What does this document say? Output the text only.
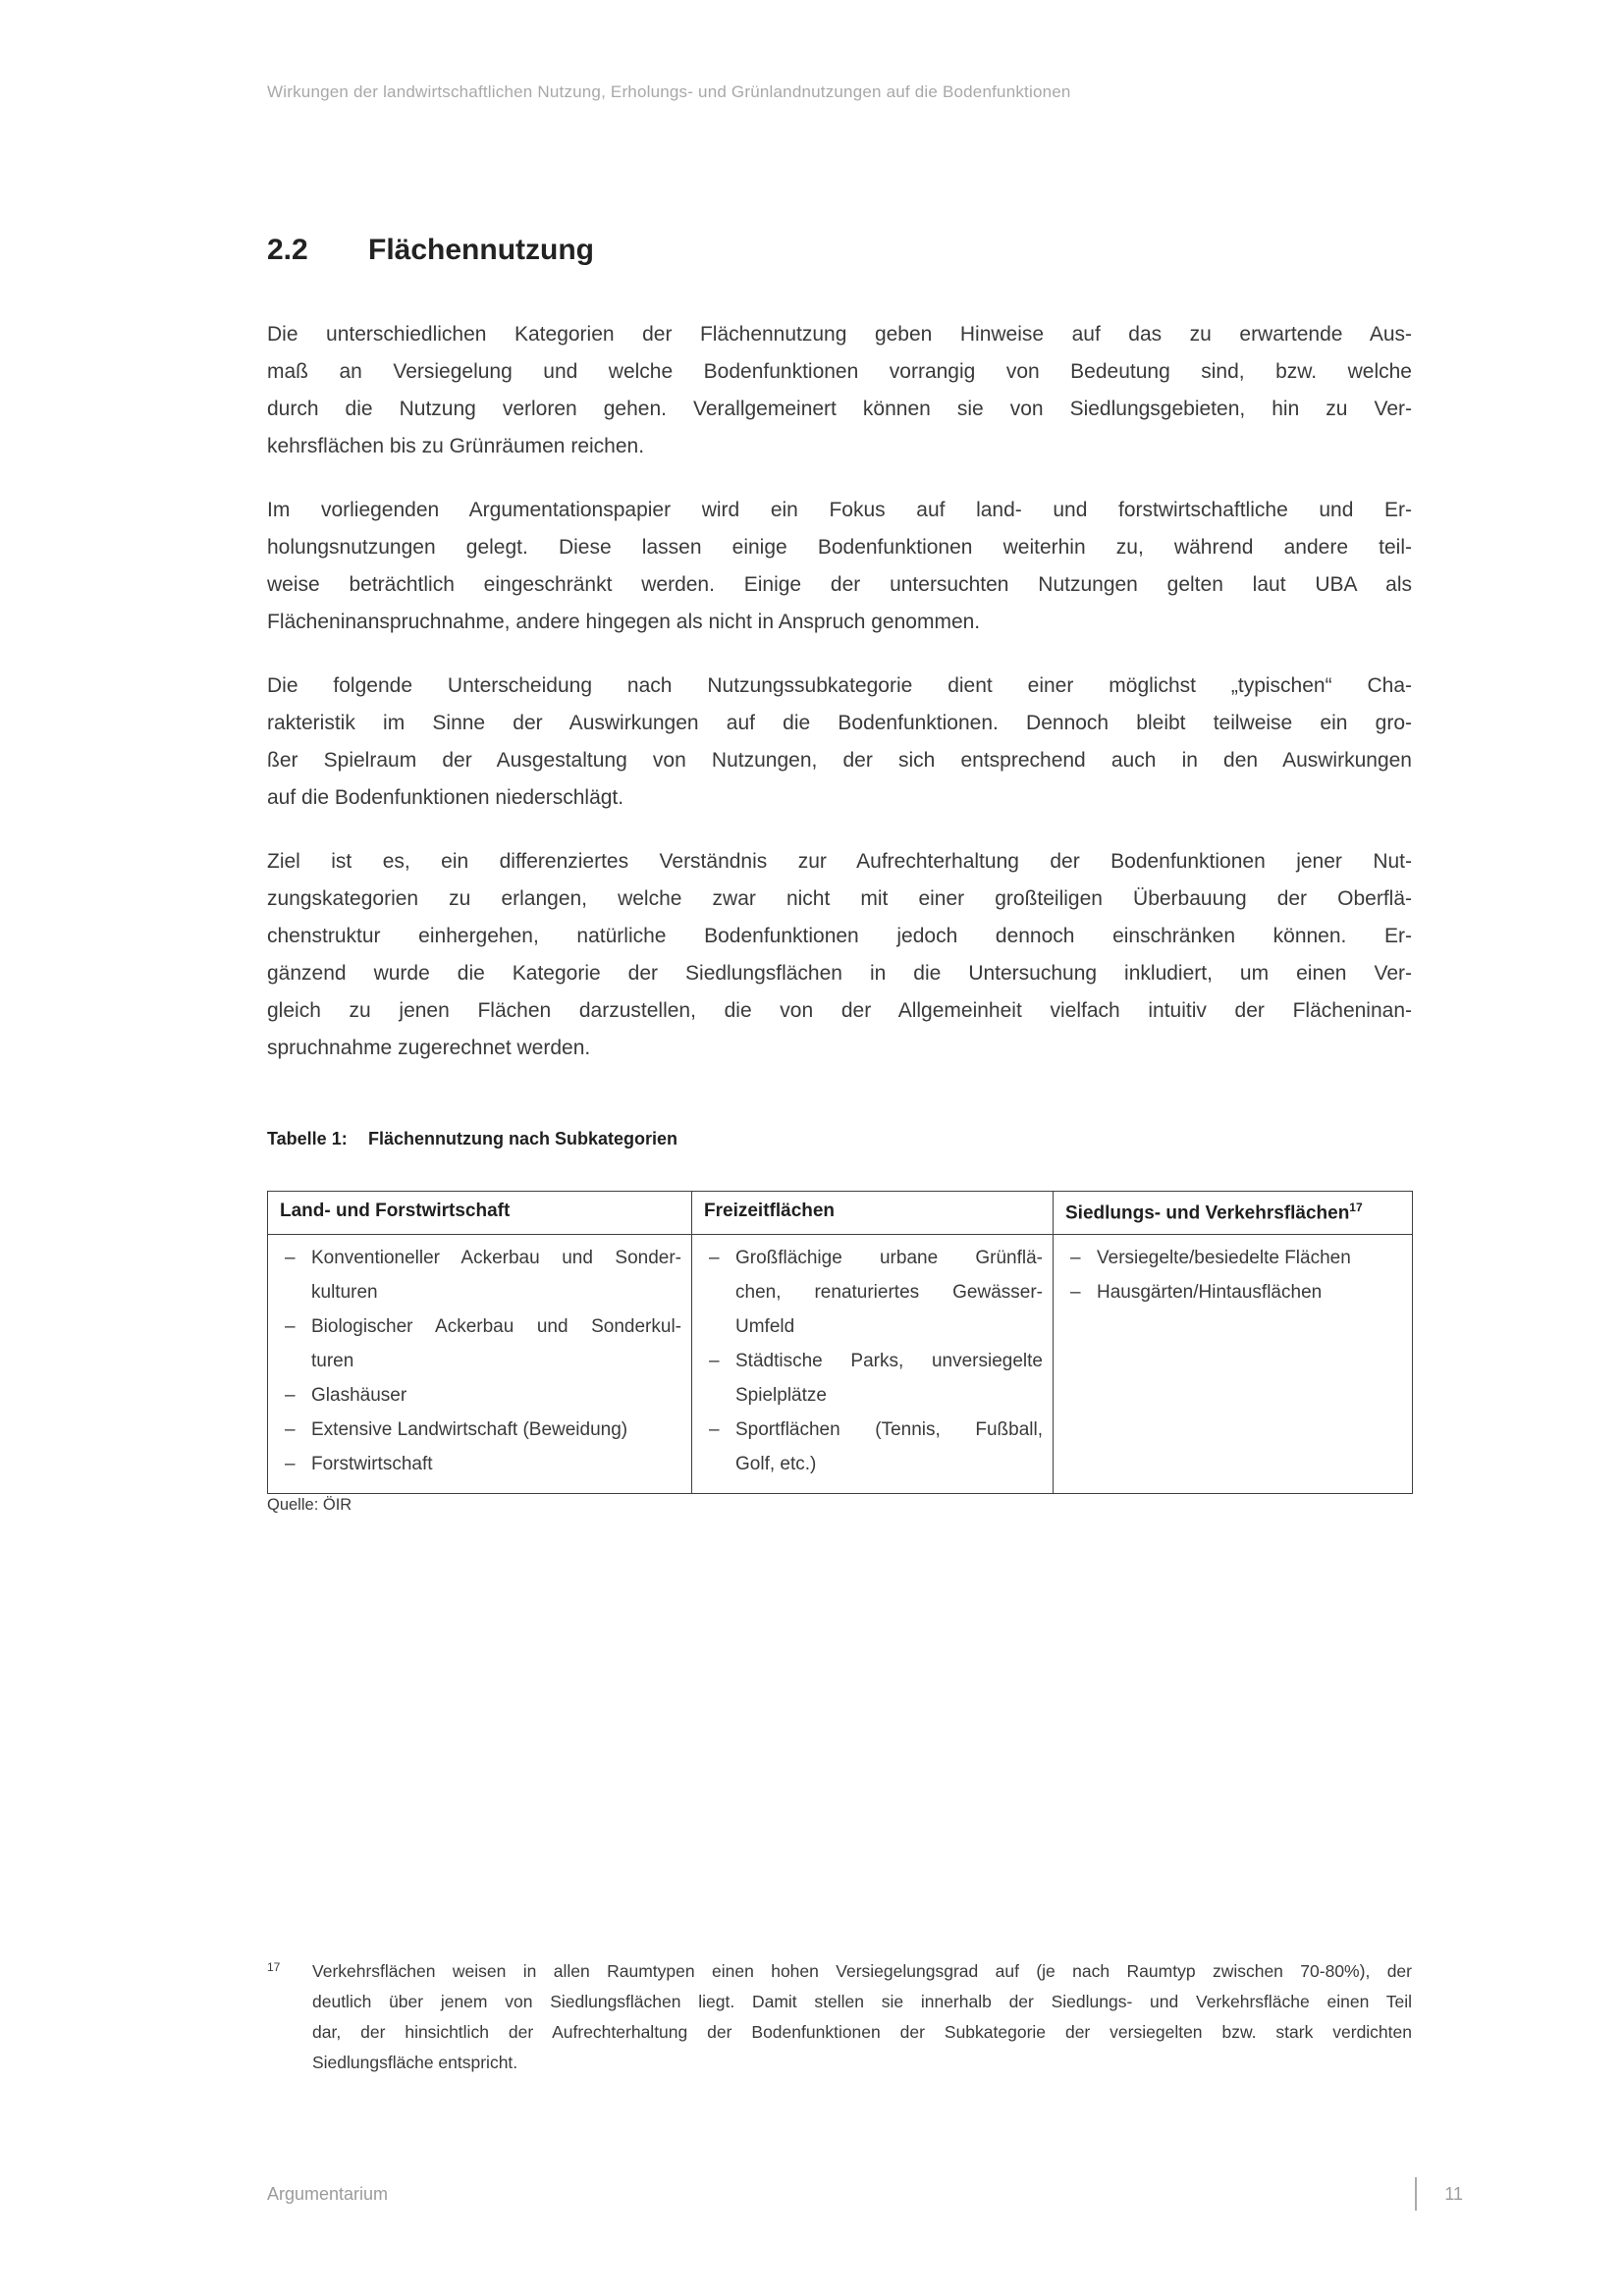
Wirkungen der landwirtschaftlichen Nutzung, Erholungs- und Grünlandnutzungen auf die Bodenfunktionen
2.2	Flächennutzung
Die unterschiedlichen Kategorien der Flächennutzung geben Hinweise auf das zu erwartende Aus-
maß an Versiegelung und welche Bodenfunktionen vorrangig von Bedeutung sind, bzw. welche
durch die Nutzung verloren gehen. Verallgemeinert können sie von Siedlungsgebieten, hin zu Ver-
kehrsflächen bis zu Grünräumen reichen.
Im vorliegenden Argumentationspapier wird ein Fokus auf land- und forstwirtschaftliche und Er-
holungsnutzungen gelegt. Diese lassen einige Bodenfunktionen weiterhin zu, während andere teil-
weise beträchtlich eingeschränkt werden. Einige der untersuchten Nutzungen gelten laut UBA als
Flächeninanspruchnahme, andere hingegen als nicht in Anspruch genommen.
Die folgende Unterscheidung nach Nutzungssubkategorie dient einer möglichst „typischen“ Cha-
rakteristik im Sinne der Auswirkungen auf die Bodenfunktionen. Dennoch bleibt teilweise ein gro-
ßer Spielraum der Ausgestaltung von Nutzungen, der sich entsprechend auch in den Auswirkungen
auf die Bodenfunktionen niederschlägt.
Ziel ist es, ein differenziertes Verständnis zur Aufrechterhaltung der Bodenfunktionen jener Nut-
zungskategorien zu erlangen, welche zwar nicht mit einer großteiligen Überbauung der Oberflä-
chenstruktur einhergehen, natürliche Bodenfunktionen jedoch dennoch einschränken können. Er-
gänzend wurde die Kategorie der Siedlungsflächen in die Untersuchung inkludiert, um einen Ver-
gleich zu jenen Flächen darzustellen, die von der Allgemeinheit vielfach intuitiv der Flächeninan-
spruchnahme zugerechnet werden.
Tabelle 1: Flächennutzung nach Subkategorien
Land- und Forstwirtschaft	Freizeitflächen	Siedlungs- und Verkehrsflächen$^{17}$

– Konventioneller Ackerbau und Sonder-
kulturen
– Biologischer Ackerbau und Sonderkul-
turen
– Glashäuser
– Extensive Landwirtschaft (Beweidung)
– Forstwirtschaft

– Großflächige urbane Grünflä-
chen, renaturiertes Gewässer-
Umfeld
– Städtische Parks, unversiegelte
Spielplätze
– Sportflächen (Tennis, Fußball,
Golf, etc.)

– Versiegelte/besiedelte Flächen
– Hausgärten/Hintausflächen
Quelle: ÖIR
17 Verkehrsflächen weisen in allen Raumtypen einen hohen Versiegelungsgrad auf (je nach Raumtyp zwischen 70-80%), der
deutlich über jenem von Siedlungsflächen liegt. Damit stellen sie innerhalb der Siedlungs- und Verkehrsfläche einen Teil
dar, der hinsichtlich der Aufrechterhaltung der Bodenfunktionen der Subkategorie der versiegelten bzw. stark verdichten
Siedlungsfläche entspricht.
Argumentarium	11
